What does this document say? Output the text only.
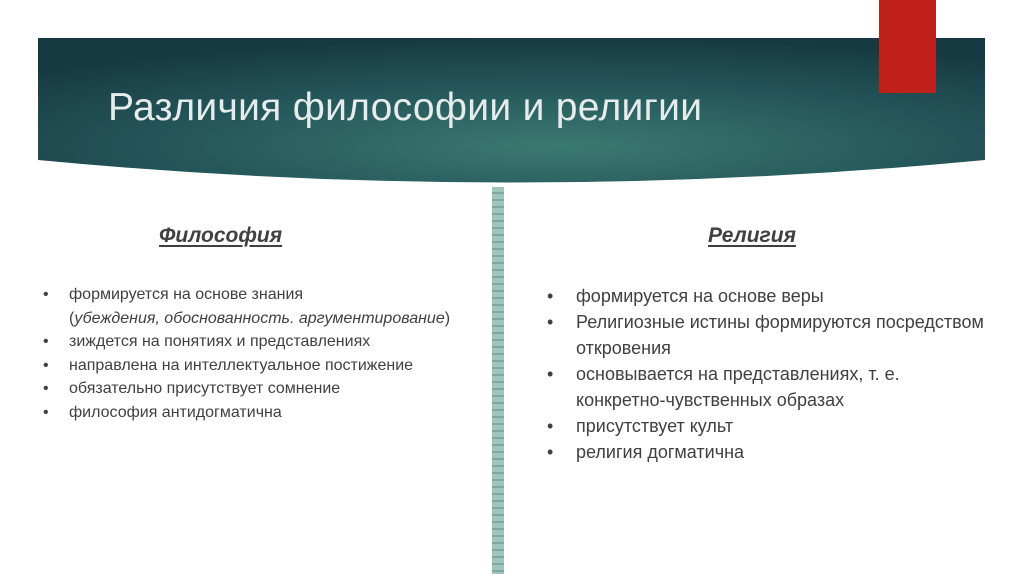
Различия философии и религии
Философия
• формируется на основе знания
(убеждения, обоснованность. аргументирование)
• зиждется на понятиях и представлениях
• направлена на интеллектуальное постижение
• обязательно присутствует сомнение
• философия антидогматична
Религия
• формируется на основе веры
• Религиозные истины формируются посредством откровения
• основывается на представлениях, т. е. конкретно-чувственных образах
• присутствует культ
• религия догматична
